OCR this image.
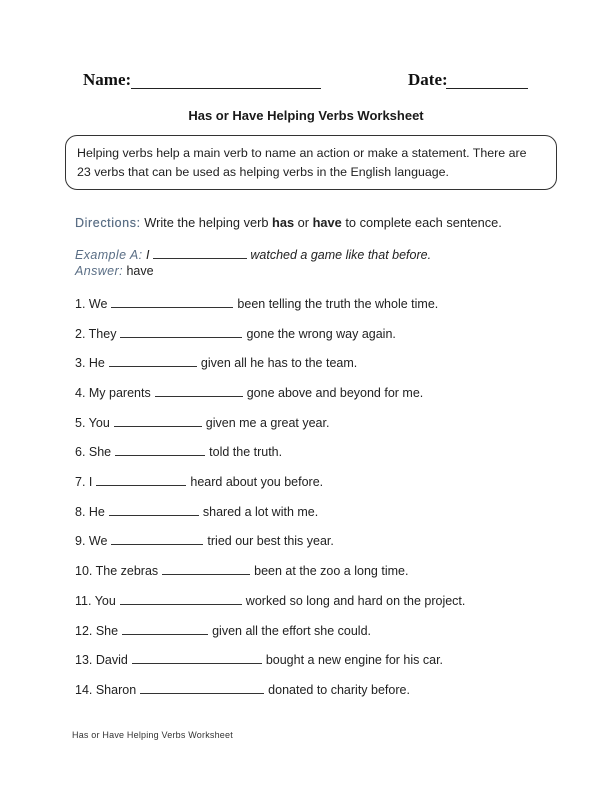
Name:	Date:
Has or Have Helping Verbs Worksheet
Helping verbs help a main verb to name an action or make a statement. There are
23 verbs that can be used as helping verbs in the English language.
Directions: Write the helping verb has or have to complete each sentence.
Example A: I	watched a game like that before.
Answer: have
1. We	been telling the truth the whole time.
2. They	gone the wrong way again.
3. He	given all he has to the team.
4. My parents	gone above and beyond for me.
5. You	given me a great year.
6. She	told the truth.
7. I	heard about you before.
8. He	shared a lot with me.
9. We	tried our best this year.
10. The zebras	been at the zoo a long time.
11. You	worked so long and hard on the project.
12. She	given all the effort she could.
13. David	bought a new engine for his car.
14. Sharon	donated to charity before.
Has or Have Helping Verbs Worksheet
